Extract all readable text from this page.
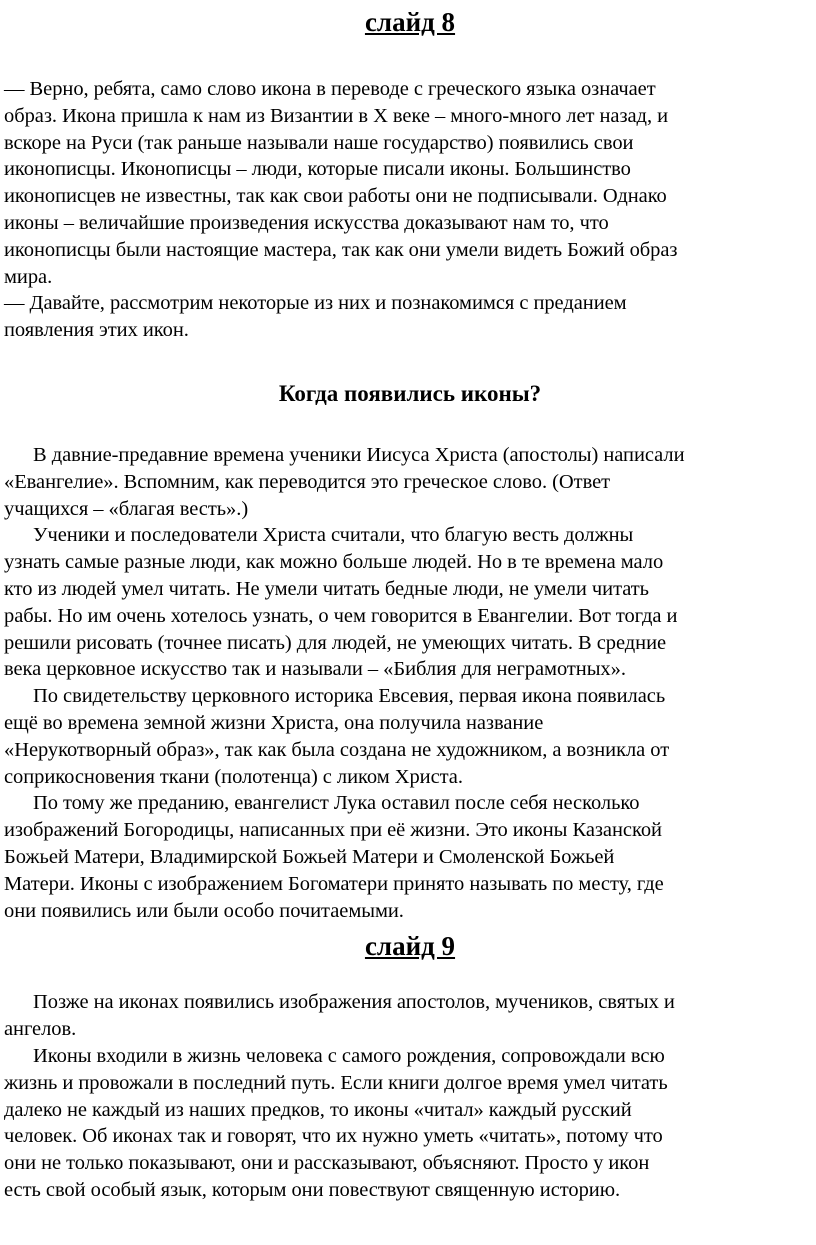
слайд 8

— Верно, ребята, само слово икона в переводе с греческого языка означает
образ. Икона пришла к нам из Византии в Х веке – много-много лет назад, и
вскоре на Руси (так раньше называли наше государство) появились свои
иконописцы. Иконописцы – люди, которые писали иконы. Большинство
иконописцев не известны, так как свои работы они не подписывали. Однако
иконы – величайшие произведения искусства доказывают нам то, что
иконописцы были настоящие мастера, так как они умели видеть Божий образ
мира.
— Давайте, рассмотрим некоторые из них и познакомимся с преданием
появления этих икон.

Когда появились иконы?

В давние-предавние времена ученики Иисуса Христа (апостолы) написали
«Евангелие». Вспомним, как переводится это греческое слово. (Ответ
учащихся – «благая весть».)

Ученики и последователи Христа считали, что благую весть должны
узнать самые разные люди, как можно больше людей. Но в те времена мало
кто из людей умел читать. Не умели читать бедные люди, не умели читать
рабы. Но им очень хотелось узнать, о чем говорится в Евангелии. Вот тогда и
решили рисовать (точнее писать) для людей, не умеющих читать. В средние
века церковное искусство так и называли – «Библия для неграмотных».

По свидетельству церковного историка Евсевия, первая икона появилась
ещё во времена земной жизни Христа, она получила название
«Нерукотворный образ», так как была создана не художником, а возникла от
соприкосновения ткани (полотенца) с ликом Христа.

По тому же преданию, евангелист Лука оставил после себя несколько
изображений Богородицы, написанных при её жизни. Это иконы Казанской
Божьей Матери, Владимирской Божьей Матери и Смоленской Божьей
Матери. Иконы с изображением Богоматери принято называть по месту, где
они появились или были особо почитаемыми.

слайд 9

Позже на иконах появились изображения апостолов, мучеников, святых и
ангелов.

Иконы входили в жизнь человека с самого рождения, сопровождали всю
жизнь и провожали в последний путь. Если книги долгое время умел читать
далеко не каждый из наших предков, то иконы «читал» каждый русский
человек. Об иконах так и говорят, что их нужно уметь «читать», потому что
они не только показывают, они и рассказывают, объясняют. Просто у икон
есть свой особый язык, которым они повествуют священную историю.
